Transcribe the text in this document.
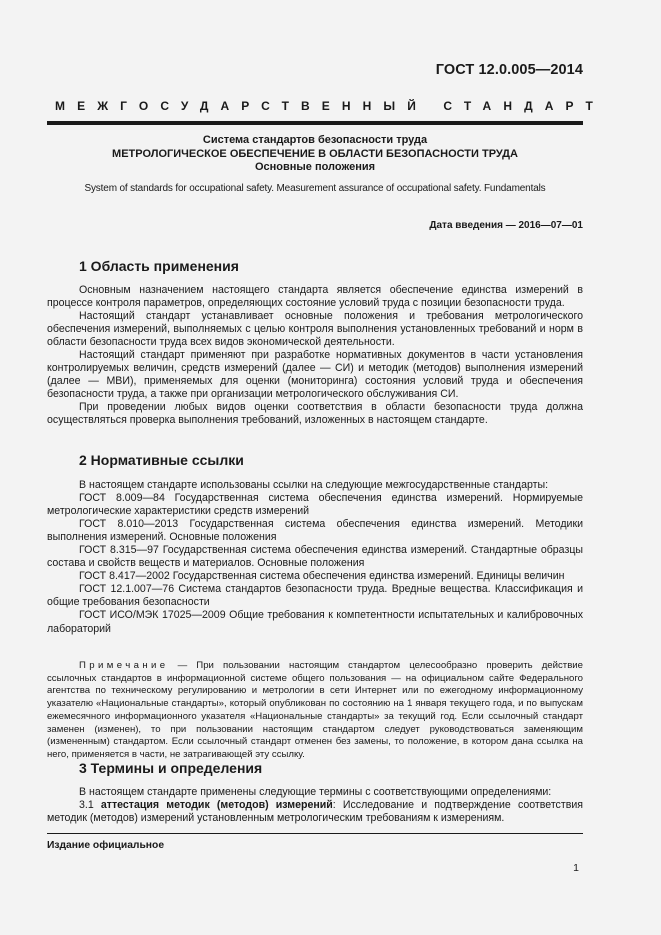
ГОСТ 12.0.005—2014
МЕЖГОСУДАРСТВЕННЫЙ СТАНДАРТ
Система стандартов безопасности труда
МЕТРОЛОГИЧЕСКОЕ ОБЕСПЕЧЕНИЕ В ОБЛАСТИ БЕЗОПАСНОСТИ ТРУДА
Основные положения
System of standards for occupational safety. Measurement assurance of occupational safety. Fundamentals
Дата введения — 2016—07—01
1 Область применения

Основным назначением настоящего стандарта является обеспечение единства измерений в процессе контроля параметров, определяющих состояние условий труда с позиции безопасности труда.

Настоящий стандарт устанавливает основные положения и требования метрологического обеспечения измерений, выполняемых с целью контроля выполнения установленных требований и норм в области безопасности труда всех видов экономической деятельности.

Настоящий стандарт применяют при разработке нормативных документов в части установления контролируемых величин, средств измерений (далее — СИ) и методик (методов) выполнения измерений (далее — МВИ), применяемых для оценки (мониторинга) состояния условий труда и обеспечения безопасности труда, а также при организации метрологического обслуживания СИ.

При проведении любых видов оценки соответствия в области безопасности труда должна осуществляться проверка выполнения требований, изложенных в настоящем стандарте.

2 Нормативные ссылки

В настоящем стандарте использованы ссылки на следующие межгосударственные стандарты:

ГОСТ 8.009—84 Государственная система обеспечения единства измерений. Нормируемые метрологические характеристики средств измерений

ГОСТ 8.010—2013 Государственная система обеспечения единства измерений. Методики выполнения измерений. Основные положения

ГОСТ 8.315—97 Государственная система обеспечения единства измерений. Стандартные образцы состава и свойств веществ и материалов. Основные положения

ГОСТ 8.417—2002 Государственная система обеспечения единства измерений. Единицы величин

ГОСТ 12.1.007—76 Система стандартов безопасности труда. Вредные вещества. Классификация и общие требования безопасности

ГОСТ ИСО/МЭК 17025—2009 Общие требования к компетентности испытательных и калибровочных лабораторий

Примечание — При пользовании настоящим стандартом целесообразно проверить действие ссылочных стандартов в информационной системе общего пользования — на официальном сайте Федерального агентства по техническому регулированию и метрологии в сети Интернет или по ежегодному информационному указателю «Национальные стандарты», который опубликован по состоянию на 1 января текущего года, и по выпускам ежемесячного информационного указателя «Национальные стандарты» за текущий год. Если ссылочный стандарт заменен (изменен), то при пользовании настоящим стандартом следует руководствоваться заменяющим (измененным) стандартом. Если ссылочный стандарт отменен без замены, то положение, в котором дана ссылка на него, применяется в части, не затрагивающей эту ссылку.

3 Термины и определения

В настоящем стандарте применены следующие термины с соответствующими определениями:

3.1 аттестация методик (методов) измерений: Исследование и подтверждение соответствия методик (методов) измерений установленным метрологическим требованиям к измерениям.

Издание официальное
1
